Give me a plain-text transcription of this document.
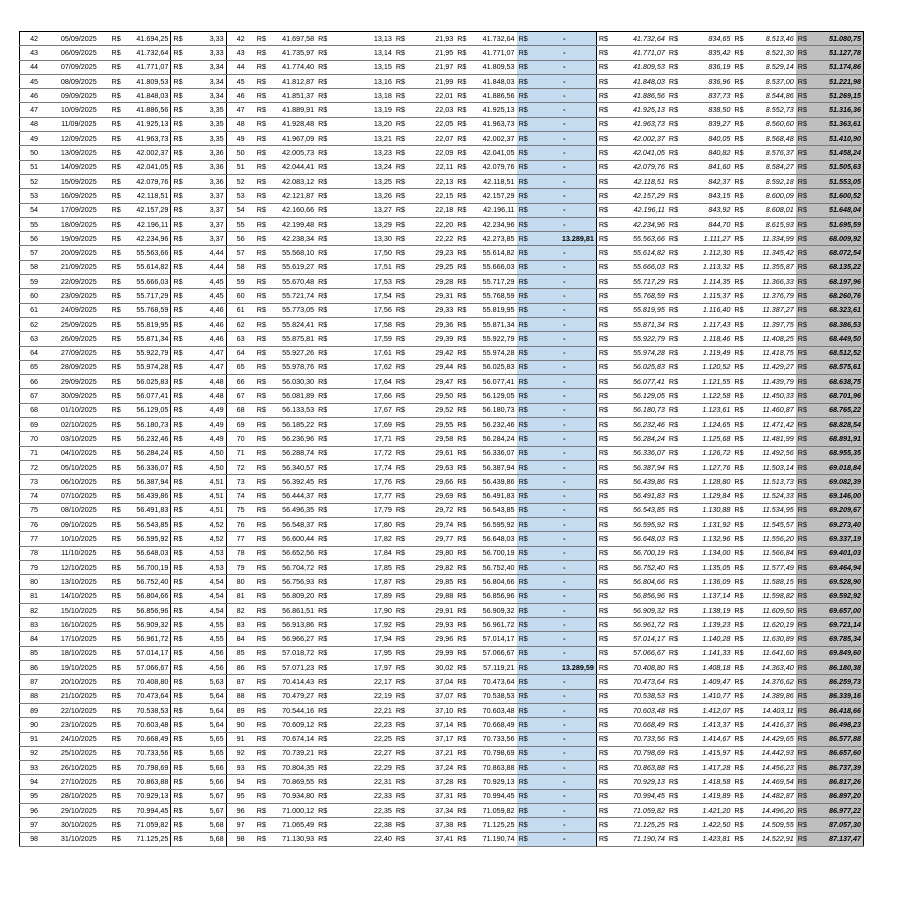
42	05/09/2025	R$	41.694,25	R$	3,33	42	R$	41.697,58	R$	13,13	R$	21,93	R$	41.732,64	R$	-	R$	41.732,64	R$	834,65	R$	8.513,46	R$	51.080,75
43	06/09/2025	R$	41.732,64	R$	3,33	43	R$	41.735,97	R$	13,14	R$	21,95	R$	41.771,07	R$	-	R$	41.771,07	R$	835,42	R$	8.521,30	R$	51.127,78
44	07/09/2025	R$	41.771,07	R$	3,34	44	R$	41.774,40	R$	13,15	R$	21,97	R$	41.809,53	R$	-	R$	41.809,53	R$	836,19	R$	8.529,14	R$	51.174,86
45	08/09/2025	R$	41.809,53	R$	3,34	45	R$	41.812,87	R$	13,16	R$	21,99	R$	41.848,03	R$	-	R$	41.848,03	R$	836,96	R$	8.537,00	R$	51.221,98
46	09/09/2025	R$	41.848,03	R$	3,34	46	R$	41.851,37	R$	13,18	R$	22,01	R$	41.886,56	R$	-	R$	41.886,56	R$	837,73	R$	8.544,86	R$	51.269,15
47	10/09/2025	R$	41.886,56	R$	3,35	47	R$	41.889,91	R$	13,19	R$	22,03	R$	41.925,13	R$	-	R$	41.925,13	R$	838,50	R$	8.552,73	R$	51.316,36
48	11/09/2025	R$	41.925,13	R$	3,35	48	R$	41.928,48	R$	13,20	R$	22,05	R$	41.963,73	R$	-	R$	41.963,73	R$	839,27	R$	8.560,60	R$	51.363,61
49	12/09/2025	R$	41.963,73	R$	3,35	49	R$	41.967,09	R$	13,21	R$	22,07	R$	42.002,37	R$	-	R$	42.002,37	R$	840,05	R$	8.568,48	R$	51.410,90
50	13/09/2025	R$	42.002,37	R$	3,36	50	R$	42.005,73	R$	13,23	R$	22,09	R$	42.041,05	R$	-	R$	42.041,05	R$	840,82	R$	8.576,37	R$	51.458,24
51	14/09/2025	R$	42.041,05	R$	3,36	51	R$	42.044,41	R$	13,24	R$	22,11	R$	42.079,76	R$	-	R$	42.079,76	R$	841,60	R$	8.584,27	R$	51.505,63
52	15/09/2025	R$	42.079,76	R$	3,36	52	R$	42.083,12	R$	13,25	R$	22,13	R$	42.118,51	R$	-	R$	42.118,51	R$	842,37	R$	8.592,18	R$	51.553,05
53	16/09/2025	R$	42.118,51	R$	3,37	53	R$	42.121,87	R$	13,26	R$	22,15	R$	42.157,29	R$	-	R$	42.157,29	R$	843,15	R$	8.600,09	R$	51.600,52
54	17/09/2025	R$	42.157,29	R$	3,37	54	R$	42.160,66	R$	13,27	R$	22,18	R$	42.196,11	R$	-	R$	42.196,11	R$	843,92	R$	8.608,01	R$	51.648,04
55	18/09/2025	R$	42.196,11	R$	3,37	55	R$	42.199,48	R$	13,29	R$	22,20	R$	42.234,96	R$	-	R$	42.234,96	R$	844,70	R$	8.615,93	R$	51.695,59
56	19/09/2025	R$	42.234,96	R$	3,37	56	R$	42.238,34	R$	13,30	R$	22,22	R$	42.273,85	R$	13.289,81	R$	55.563,66	R$	1.111,27	R$	11.334,99	R$	68.009,92
57	20/09/2025	R$	55.563,66	R$	4,44	57	R$	55.568,10	R$	17,50	R$	29,23	R$	55.614,82	R$	-	R$	55.614,82	R$	1.112,30	R$	11.345,42	R$	68.072,54
58	21/09/2025	R$	55.614,82	R$	4,44	58	R$	55.619,27	R$	17,51	R$	29,25	R$	55.666,03	R$	-	R$	55.666,03	R$	1.113,32	R$	11.355,87	R$	68.135,22
59	22/09/2025	R$	55.666,03	R$	4,45	59	R$	55.670,48	R$	17,53	R$	29,28	R$	55.717,29	R$	-	R$	55.717,29	R$	1.114,35	R$	11.366,33	R$	68.197,96
60	23/09/2025	R$	55.717,29	R$	4,45	60	R$	55.721,74	R$	17,54	R$	29,31	R$	55.768,59	R$	-	R$	55.768,59	R$	1.115,37	R$	11.376,79	R$	68.260,76
61	24/09/2025	R$	55.768,59	R$	4,46	61	R$	55.773,05	R$	17,56	R$	29,33	R$	55.819,95	R$	-	R$	55.819,95	R$	1.116,40	R$	11.387,27	R$	68.323,61
62	25/09/2025	R$	55.819,95	R$	4,46	62	R$	55.824,41	R$	17,58	R$	29,36	R$	55.871,34	R$	-	R$	55.871,34	R$	1.117,43	R$	11.397,75	R$	68.386,53
63	26/09/2025	R$	55.871,34	R$	4,46	63	R$	55.875,81	R$	17,59	R$	29,39	R$	55.922,79	R$	-	R$	55.922,79	R$	1.118,46	R$	11.408,25	R$	68.449,50
64	27/09/2025	R$	55.922,79	R$	4,47	64	R$	55.927,26	R$	17,61	R$	29,42	R$	55.974,28	R$	-	R$	55.974,28	R$	1.119,49	R$	11.418,75	R$	68.512,52
65	28/09/2025	R$	55.974,28	R$	4,47	65	R$	55.978,76	R$	17,62	R$	29,44	R$	56.025,83	R$	-	R$	56.025,83	R$	1.120,52	R$	11.429,27	R$	68.575,61
66	29/09/2025	R$	56.025,83	R$	4,48	66	R$	56.030,30	R$	17,64	R$	29,47	R$	56.077,41	R$	-	R$	56.077,41	R$	1.121,55	R$	11.439,79	R$	68.638,75
67	30/09/2025	R$	56.077,41	R$	4,48	67	R$	56.081,89	R$	17,66	R$	29,50	R$	56.129,05	R$	-	R$	56.129,05	R$	1.122,58	R$	11.450,33	R$	68.701,96
68	01/10/2025	R$	56.129,05	R$	4,49	68	R$	56.133,53	R$	17,67	R$	29,52	R$	56.180,73	R$	-	R$	56.180,73	R$	1.123,61	R$	11.460,87	R$	68.765,22
69	02/10/2025	R$	56.180,73	R$	4,49	69	R$	56.185,22	R$	17,69	R$	29,55	R$	56.232,46	R$	-	R$	56.232,46	R$	1.124,65	R$	11.471,42	R$	68.828,54
70	03/10/2025	R$	56.232,46	R$	4,49	70	R$	56.236,96	R$	17,71	R$	29,58	R$	56.284,24	R$	-	R$	56.284,24	R$	1.125,68	R$	11.481,99	R$	68.891,91
71	04/10/2025	R$	56.284,24	R$	4,50	71	R$	56.288,74	R$	17,72	R$	29,61	R$	56.336,07	R$	-	R$	56.336,07	R$	1.126,72	R$	11.492,56	R$	68.955,35
72	05/10/2025	R$	56.336,07	R$	4,50	72	R$	56.340,57	R$	17,74	R$	29,63	R$	56.387,94	R$	-	R$	56.387,94	R$	1.127,76	R$	11.503,14	R$	69.018,84
73	06/10/2025	R$	56.387,94	R$	4,51	73	R$	56.392,45	R$	17,76	R$	29,66	R$	56.439,86	R$	-	R$	56.439,86	R$	1.128,80	R$	11.513,73	R$	69.082,39
74	07/10/2025	R$	56.439,86	R$	4,51	74	R$	56.444,37	R$	17,77	R$	29,69	R$	56.491,83	R$	-	R$	56.491,83	R$	1.129,84	R$	11.524,33	R$	69.146,00
75	08/10/2025	R$	56.491,83	R$	4,51	75	R$	56.496,35	R$	17,79	R$	29,72	R$	56.543,85	R$	-	R$	56.543,85	R$	1.130,88	R$	11.534,95	R$	69.209,67
76	09/10/2025	R$	56.543,85	R$	4,52	76	R$	56.548,37	R$	17,80	R$	29,74	R$	56.595,92	R$	-	R$	56.595,92	R$	1.131,92	R$	11.545,57	R$	69.273,40
77	10/10/2025	R$	56.595,92	R$	4,52	77	R$	56.600,44	R$	17,82	R$	29,77	R$	56.648,03	R$	-	R$	56.648,03	R$	1.132,96	R$	11.556,20	R$	69.337,19
78	11/10/2025	R$	56.648,03	R$	4,53	78	R$	56.652,56	R$	17,84	R$	29,80	R$	56.700,19	R$	-	R$	56.700,19	R$	1.134,00	R$	11.566,84	R$	69.401,03
79	12/10/2025	R$	56.700,19	R$	4,53	79	R$	56.704,72	R$	17,85	R$	29,82	R$	56.752,40	R$	-	R$	56.752,40	R$	1.135,05	R$	11.577,49	R$	69.464,94
80	13/10/2025	R$	56.752,40	R$	4,54	80	R$	56.756,93	R$	17,87	R$	29,85	R$	56.804,66	R$	-	R$	56.804,66	R$	1.136,09	R$	11.588,15	R$	69.528,90
81	14/10/2025	R$	56.804,66	R$	4,54	81	R$	56.809,20	R$	17,89	R$	29,88	R$	56.856,96	R$	-	R$	56.856,96	R$	1.137,14	R$	11.598,82	R$	69.592,92
82	15/10/2025	R$	56.856,96	R$	4,54	82	R$	56.861,51	R$	17,90	R$	29,91	R$	56.909,32	R$	-	R$	56.909,32	R$	1.138,19	R$	11.609,50	R$	69.657,00
83	16/10/2025	R$	56.909,32	R$	4,55	83	R$	56.913,86	R$	17,92	R$	29,93	R$	56.961,72	R$	-	R$	56.961,72	R$	1.139,23	R$	11.620,19	R$	69.721,14
84	17/10/2025	R$	56.961,72	R$	4,55	84	R$	56.966,27	R$	17,94	R$	29,96	R$	57.014,17	R$	-	R$	57.014,17	R$	1.140,28	R$	11.630,89	R$	69.785,34
85	18/10/2025	R$	57.014,17	R$	4,56	85	R$	57.018,72	R$	17,95	R$	29,99	R$	57.066,67	R$	-	R$	57.066,67	R$	1.141,33	R$	11.641,60	R$	69.849,60
86	19/10/2025	R$	57.066,67	R$	4,56	86	R$	57.071,23	R$	17,97	R$	30,02	R$	57.119,21	R$	13.289,59	R$	70.408,80	R$	1.408,18	R$	14.363,40	R$	86.180,38
87	20/10/2025	R$	70.408,80	R$	5,63	87	R$	70.414,43	R$	22,17	R$	37,04	R$	70.473,64	R$	-	R$	70.473,64	R$	1.409,47	R$	14.376,62	R$	86.259,73
88	21/10/2025	R$	70.473,64	R$	5,64	88	R$	70.479,27	R$	22,19	R$	37,07	R$	70.538,53	R$	-	R$	70.538,53	R$	1.410,77	R$	14.389,86	R$	86.339,16
89	22/10/2025	R$	70.538,53	R$	5,64	89	R$	70.544,16	R$	22,21	R$	37,10	R$	70.603,48	R$	-	R$	70.603,48	R$	1.412,07	R$	14.403,11	R$	86.418,66
90	23/10/2025	R$	70.603,48	R$	5,64	90	R$	70.609,12	R$	22,23	R$	37,14	R$	70.668,49	R$	-	R$	70.668,49	R$	1.413,37	R$	14.416,37	R$	86.498,23
91	24/10/2025	R$	70.668,49	R$	5,65	91	R$	70.674,14	R$	22,25	R$	37,17	R$	70.733,56	R$	-	R$	70.733,56	R$	1.414,67	R$	14.429,65	R$	86.577,88
92	25/10/2025	R$	70.733,56	R$	5,65	92	R$	70.739,21	R$	22,27	R$	37,21	R$	70.798,69	R$	-	R$	70.798,69	R$	1.415,97	R$	14.442,93	R$	86.657,60
93	26/10/2025	R$	70.798,69	R$	5,66	93	R$	70.804,35	R$	22,29	R$	37,24	R$	70.863,88	R$	-	R$	70.863,88	R$	1.417,28	R$	14.456,23	R$	86.737,39
94	27/10/2025	R$	70.863,88	R$	5,66	94	R$	70.869,55	R$	22,31	R$	37,28	R$	70.929,13	R$	-	R$	70.929,13	R$	1.418,58	R$	14.469,54	R$	86.817,26
95	28/10/2025	R$	70.929,13	R$	5,67	95	R$	70.934,80	R$	22,33	R$	37,31	R$	70.994,45	R$	-	R$	70.994,45	R$	1.419,89	R$	14.482,87	R$	86.897,20
96	29/10/2025	R$	70.994,45	R$	5,67	96	R$	71.000,12	R$	22,35	R$	37,34	R$	71.059,82	R$	-	R$	71.059,82	R$	1.421,20	R$	14.496,20	R$	86.977,22
97	30/10/2025	R$	71.059,82	R$	5,68	97	R$	71.065,49	R$	22,38	R$	37,38	R$	71.125,25	R$	-	R$	71.125,25	R$	1.422,50	R$	14.509,55	R$	87.057,30
98	31/10/2025	R$	71.125,25	R$	5,68	98	R$	71.130,93	R$	22,40	R$	37,41	R$	71.190,74	R$	-	R$	71.190,74	R$	1.423,81	R$	14.522,91	R$	87.137,47
